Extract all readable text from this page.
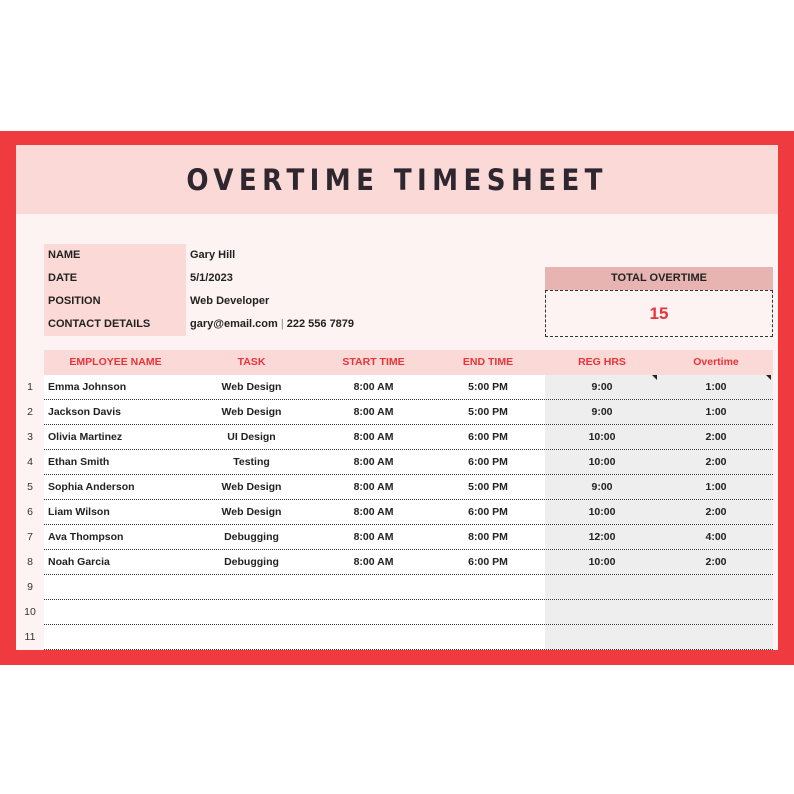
OVERTIME TIMESHEET
NAME	Gary Hill
DATE	5/1/2023
POSITION	Web Developer
CONTACT DETAILS	gary@email.com | 222 556 7879
TOTAL OVERTIME
15
EMPLOYEE NAME	TASK	START TIME	END TIME	REG HRS	Overtime
1	Emma Johnson	Web Design	8:00 AM	5:00 PM	9:00	1:00
2	Jackson Davis	Web Design	8:00 AM	5:00 PM	9:00	1:00
3	Olivia Martinez	UI Design	8:00 AM	6:00 PM	10:00	2:00
4	Ethan Smith	Testing	8:00 AM	6:00 PM	10:00	2:00
5	Sophia Anderson	Web Design	8:00 AM	5:00 PM	9:00	1:00
6	Liam Wilson	Web Design	8:00 AM	6:00 PM	10:00	2:00
7	Ava Thompson	Debugging	8:00 AM	8:00 PM	12:00	4:00
8	Noah Garcia	Debugging	8:00 AM	6:00 PM	10:00	2:00
9
10
11
